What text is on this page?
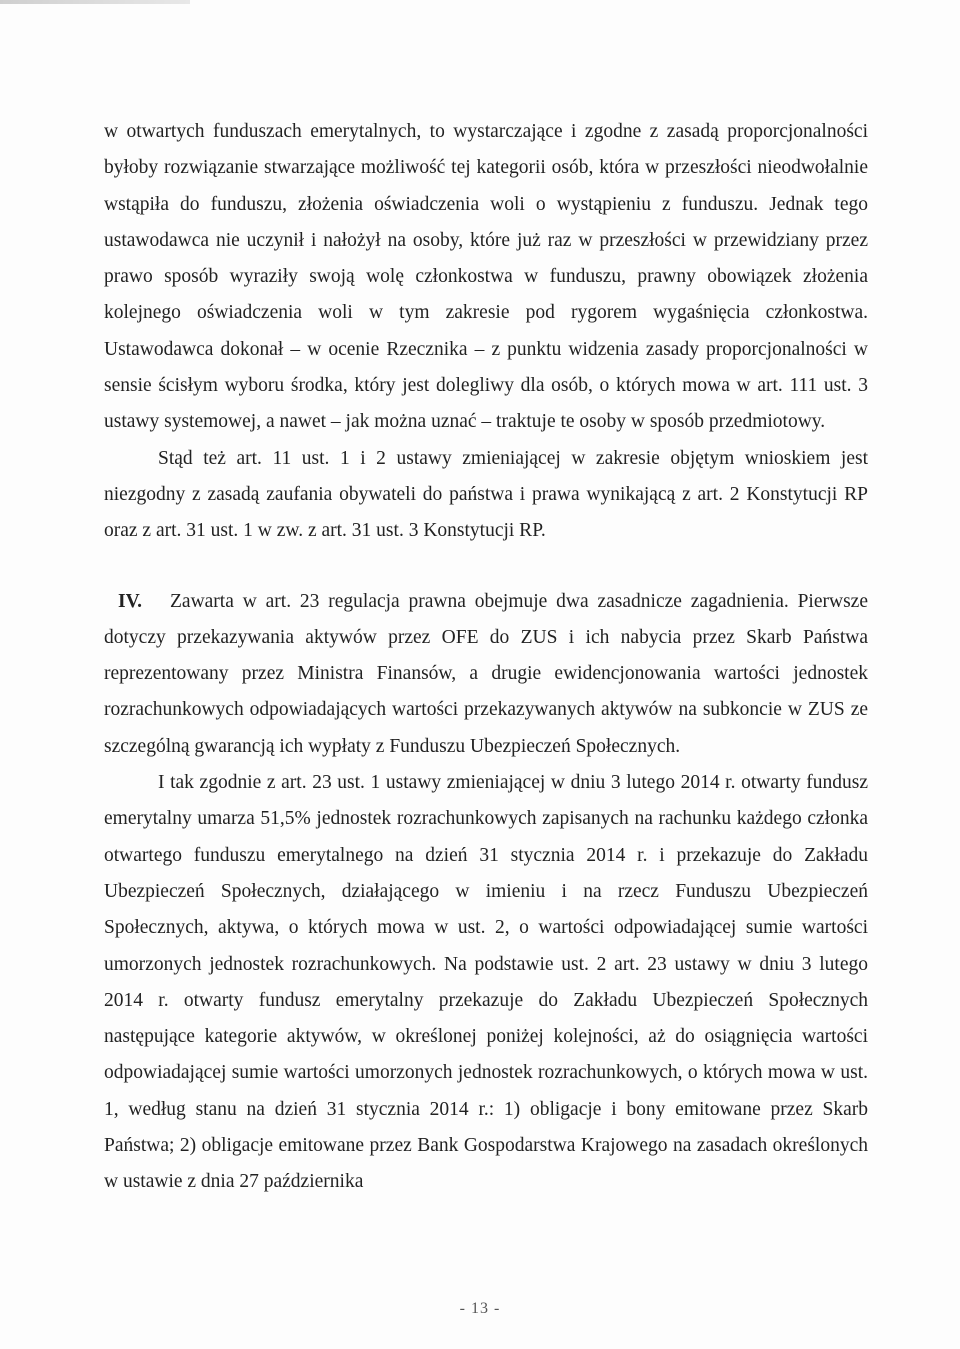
w otwartych funduszach emerytalnych, to wystarczające i zgodne z zasadą proporcjonalności byłoby rozwiązanie stwarzające możliwość tej kategorii osób, która w przeszłości nieodwołalnie wstąpiła do funduszu, złożenia oświadczenia woli o wystąpieniu z funduszu. Jednak tego ustawodawca nie uczynił i nałożył na osoby, które już raz w przeszłości w przewidziany przez prawo sposób wyraziły swoją wolę członkostwa w funduszu, prawny obowiązek złożenia kolejnego oświadczenia woli w tym zakresie pod rygorem wygaśnięcia członkostwa. Ustawodawca dokonał – w ocenie Rzecznika – z punktu widzenia zasady proporcjonalności w sensie ścisłym wyboru środka, który jest dolegliwy dla osób, o których mowa w art. 111 ust. 3 ustawy systemowej, a nawet – jak można uznać – traktuje te osoby w sposób przedmiotowy.

Stąd też art. 11 ust. 1 i 2 ustawy zmieniającej w zakresie objętym wnioskiem jest niezgodny z zasadą zaufania obywateli do państwa i prawa wynikającą z art. 2 Konstytucji RP oraz z art. 31 ust. 1 w zw. z art. 31 ust. 3 Konstytucji RP.

IV. Zawarta w art. 23 regulacja prawna obejmuje dwa zasadnicze zagadnienia. Pierwsze dotyczy przekazywania aktywów przez OFE do ZUS i ich nabycia przez Skarb Państwa reprezentowany przez Ministra Finansów, a drugie ewidencjonowania wartości jednostek rozrachunkowych odpowiadających wartości przekazywanych aktywów na subkoncie w ZUS ze szczególną gwarancją ich wypłaty z Funduszu Ubezpieczeń Społecznych.

I tak zgodnie z art. 23 ust. 1 ustawy zmieniającej w dniu 3 lutego 2014 r. otwarty fundusz emerytalny umarza 51,5% jednostek rozrachunkowych zapisanych na rachunku każdego członka otwartego funduszu emerytalnego na dzień 31 stycznia 2014 r. i przekazuje do Zakładu Ubezpieczeń Społecznych, działającego w imieniu i na rzecz Funduszu Ubezpieczeń Społecznych, aktywa, o których mowa w ust. 2, o wartości odpowiadającej sumie wartości umorzonych jednostek rozrachunkowych. Na podstawie ust. 2 art. 23 ustawy w dniu 3 lutego 2014 r. otwarty fundusz emerytalny przekazuje do Zakładu Ubezpieczeń Społecznych następujące kategorie aktywów, w określonej poniżej kolejności, aż do osiągnięcia wartości odpowiadającej sumie wartości umorzonych jednostek rozrachunkowych, o których mowa w ust. 1, według stanu na dzień 31 stycznia 2014 r.: 1) obligacje i bony emitowane przez Skarb Państwa; 2) obligacje emitowane przez Bank Gospodarstwa Krajowego na zasadach określonych w ustawie z dnia 27 października

- 13 -
